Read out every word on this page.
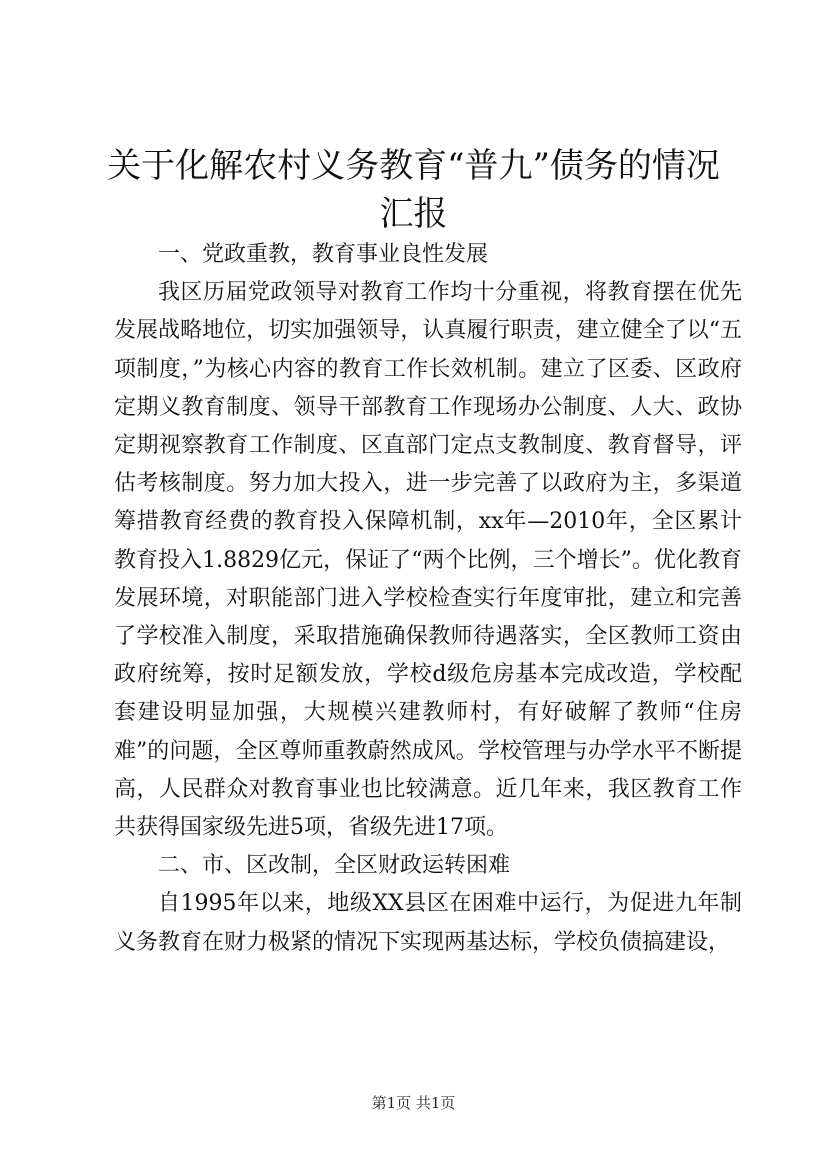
关于化解农村义务教育“普九”债务的情况汇报

一、党政重教，教育事业良性发展

我区历届党政领导对教育工作均十分重视，将教育摆在优先发展战略地位，切实加强领导，认真履行职责，建立健全了以“五项制度，”为核心内容的教育工作长效机制。建立了区委、区政府定期义教育制度、领导干部教育工作现场办公制度、人大、政协定期视察教育工作制度、区直部门定点支教制度、教育督导，评估考核制度。努力加大投入，进一步完善了以政府为主，多渠道筹措教育经费的教育投入保障机制，xx年—2010年，全区累计教育投入1.8829亿元，保证了“两个比例，三个增长”。优化教育发展环境，对职能部门进入学校检查实行年度审批，建立和完善了学校准入制度，采取措施确保教师待遇落实，全区教师工资由政府统筹，按时足额发放，学校d级危房基本完成改造，学校配套建设明显加强，大规模兴建教师村，有好破解了教师“住房难”的问题，全区尊师重教蔚然成风。学校管理与办学水平不断提高，人民群众对教育事业也比较满意。近几年来，我区教育工作共获得国家级先进5项，省级先进17项。

二、市、区改制，全区财政运转困难

自1995年以来，地级XX县区在困难中运行，为促进九年制义务教育在财力极紧的情况下实现两基达标，学校负债搞建设，

第1页 共1页
